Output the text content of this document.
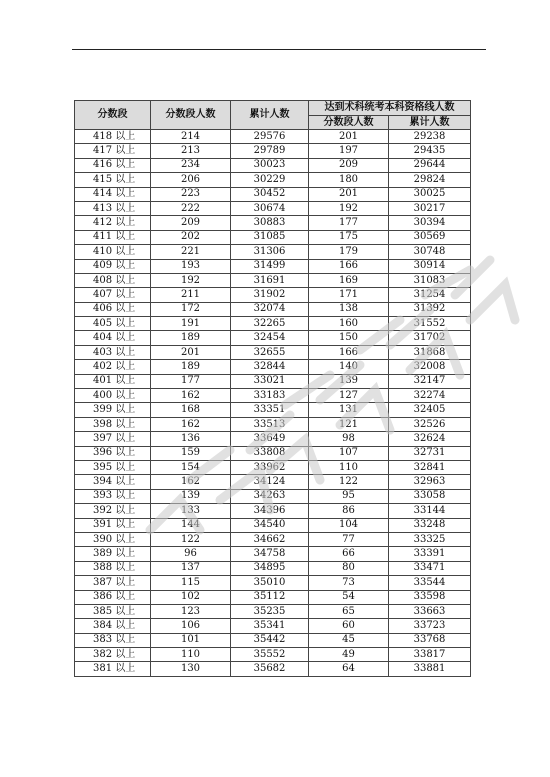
分数段	分数段人数	累计人数	达到术科统考本科资格线人数	
			分数段人数	累计人数
418 以上	214	29576	201	29238
417 以上	213	29789	197	29435
416 以上	234	30023	209	29644
415 以上	206	30229	180	29824
414 以上	223	30452	201	30025
413 以上	222	30674	192	30217
412 以上	209	30883	177	30394
411 以上	202	31085	175	30569
410 以上	221	31306	179	30748
409 以上	193	31499	166	30914
408 以上	192	31691	169	31083
407 以上	211	31902	171	31254
406 以上	172	32074	138	31392
405 以上	191	32265	160	31552
404 以上	189	32454	150	31702
403 以上	201	32655	166	31868
402 以上	189	32844	140	32008
401 以上	177	33021	139	32147
400 以上	162	33183	127	32274
399 以上	168	33351	131	32405
398 以上	162	33513	121	32526
397 以上	136	33649	98	32624
396 以上	159	33808	107	32731
395 以上	154	33962	110	32841
394 以上	162	34124	122	32963
393 以上	139	34263	95	33058
392 以上	133	34396	86	33144
391 以上	144	34540	104	33248
390 以上	122	34662	77	33325
389 以上	96	34758	66	33391
388 以上	137	34895	80	33471
387 以上	115	35010	73	33544
386 以上	102	35112	54	33598
385 以上	123	35235	65	33663
384 以上	106	35341	60	33723
383 以上	101	35442	45	33768
382 以上	110	35552	49	33817
381 以上	130	35682	64	33881
